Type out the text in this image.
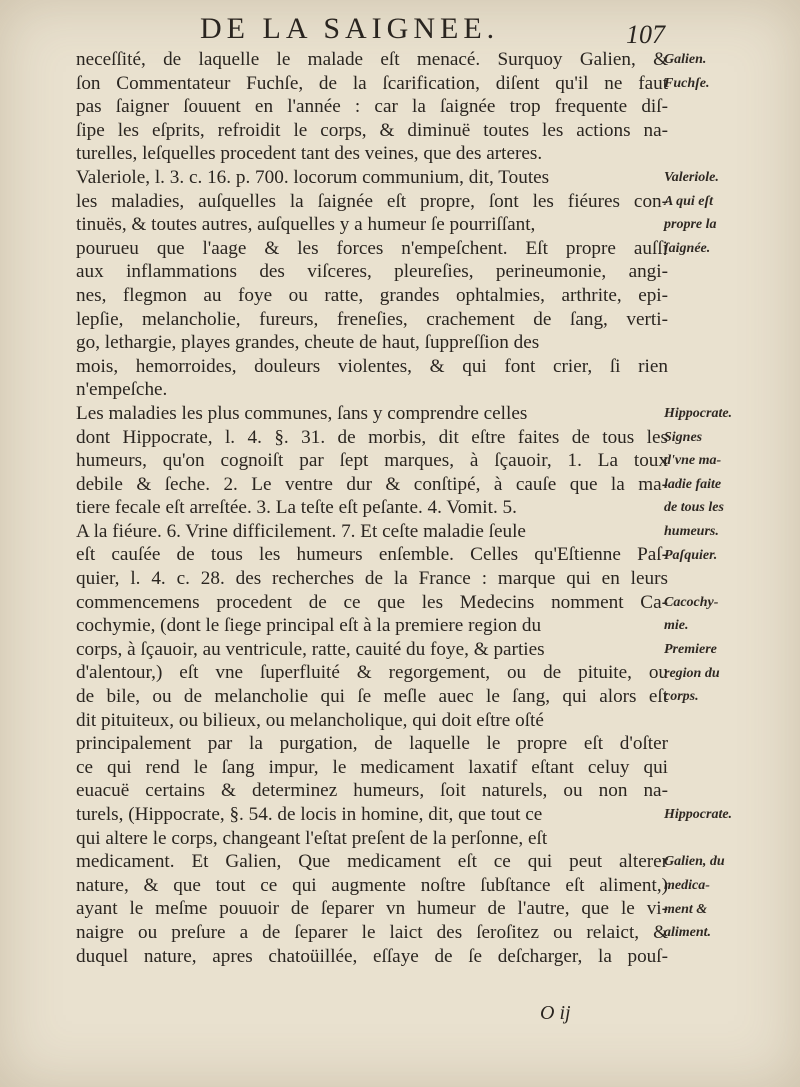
DE LA SAIGNEE.	107
neceſſité, de laquelle le malade eſt menacé. Surquoy Galien, &
ſon Commentateur Fuchſe, de la ſcarification, diſent qu'il ne faut
pas ſaigner ſouuent en l'année : car la ſaignée trop frequente diſ-
ſipe les eſprits, refroidit le corps, & diminuë toutes les actions na-
turelles, leſquelles procedent tant des veines, que des arteres.
Valeriole, l. 3. c. 16. p. 700. locorum communium, dit, Toutes
les maladies, auſquelles la ſaignée eſt propre, ſont les fiéures con-
tinuës, & toutes autres, auſquelles y a humeur ſe pourriſſant,
pourueu que l'aage & les forces n'empeſchent. Eſt propre auſſi
aux inflammations des viſceres, pleureſies, perineumonie, angi-
nes, flegmon au foye ou ratte, grandes ophtalmies, arthrite, epi-
lepſie, melancholie, fureurs, freneſies, crachement de ſang, verti-
go, lethargie, playes grandes, cheute de haut, ſuppreſſion des
mois, hemorroides, douleurs violentes, & qui font crier, ſi rien
n'empeſche.
Les maladies les plus communes, ſans y comprendre celles
dont Hippocrate, l. 4. §. 31. de morbis, dit eſtre faites de tous les
humeurs, qu'on cognoiſt par ſept marques, à ſçauoir, 1. La toux
debile & ſeche. 2. Le ventre dur & conſtipé, à cauſe que la ma-
tiere fecale eſt arreſtée. 3. La teſte eſt peſante. 4. Vomit. 5.
A la fiéure. 6. Vrine difficilement. 7. Et ceſte maladie ſeule
eſt cauſée de tous les humeurs enſemble. Celles qu'Eſtienne Paſ-
quier, l. 4. c. 28. des recherches de la France : marque qui en leurs
commencemens procedent de ce que les Medecins nomment Ca-
cochymie, (dont le ſiege principal eſt à la premiere region du
corps, à ſçauoir, au ventricule, ratte, cauité du foye, & parties
d'alentour,) eſt vne ſuperfluité & regorgement, ou de pituite, ou
de bile, ou de melancholie qui ſe meſle auec le ſang, qui alors eſt
dit pituiteux, ou bilieux, ou melancholique, qui doit eſtre oſté
principalement par la purgation, de laquelle le propre eſt d'oſter
ce qui rend le ſang impur, le medicament laxatif eſtant celuy qui
euacuë certains & determinez humeurs, ſoit naturels, ou non na-
turels, (Hippocrate, §. 54. de locis in homine, dit, que tout ce
qui altere le corps, changeant l'eſtat preſent de la perſonne, eſt
medicament. Et Galien, Que medicament eſt ce qui peut alterer
nature, & que tout ce qui augmente noſtre ſubſtance eſt aliment,)
ayant le meſme pouuoir de ſeparer vn humeur de l'autre, que le vi-
naigre ou preſure a de ſeparer le laict des ſeroſitez ou relaict, &
duquel nature, apres chatoüillée, eſſaye de ſe deſcharger, la pouſ-
Galien.
Fuchſe.
Valeriole.
A qui eſt
propre la
ſaignée.
Hippocrate.
Signes
d'vne ma-
ladie faite
de tous les
humeurs.
Paſquier.
Cacochy-
mie.
Premiere
region du
corps.
Hippocrate.
Galien, du
medica-
ment &
aliment.
O ij
